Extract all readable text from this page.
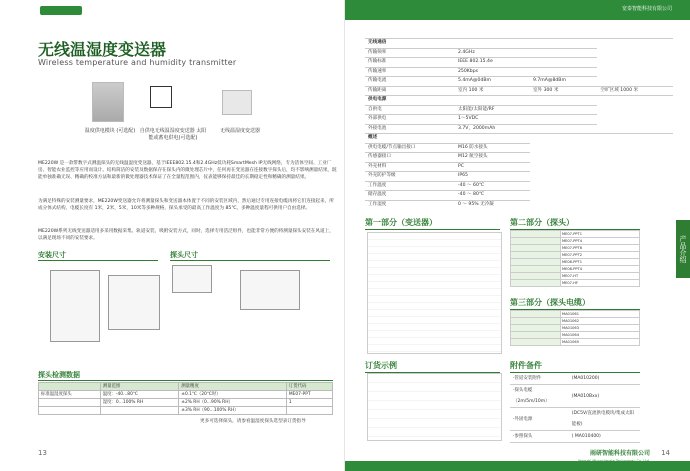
无线温湿度变送器
Wireless temperature and humidity transmitter
温度供电模块 (可选配) 自供电无线温湿度变送器 太阳能或蓄电供电(可选配)
无线温湿度变送器
ME220W 是一款带数字式测温探头的无线温湿度变送器，基于IEEE802.15.4和2.4GHz低功耗SmartMesh IP无线网络，专为活体空间、工业厂房、智能农业监控等应用而设计。结构简洁的安装及数据保存在探头内的微处理芯片中，任何再在变送器在连接数字探头后，均不影响测量结果，既能单独准确无误、精确的校准方法和最新的微处理器技术保证了在全量程范围内，仪表能够保持最佳的长期稳定性和精确的测量结果。
为满足特殊的安装测量要求，ME220W变送器允许将测量探头和变送器本体置于不同的安装区域内，然后通过专用连接电缆再将它们连接起来，所成分体式结构，电缆长度有 1米，2米，5米，10米等多种规格，探头承受的最高工作温度为 85℃，多种温度量程可供用户自由选择。
ME220W系列无线变送器适用多采用数据采集、轨道安装、吸附安装方式，同时，选择专用活泛组件，也能非常方便的将测量探头安装在风道上，以满足现场不同的安装要求。
安装尺寸	探头尺寸
探头检测数据
	测量范围	测量精度	订货代码
标准温湿度探头	温度：-40...80℃	±0.1℃（20℃时）	ME07-PPT
	湿度：0...100% RH	±2% RH（0...90% RH）	1
		±3% RH（90...100% RH）	
更多可选择探头，请参看温湿度探头选型表订货指导
13
宽泰智能科技有限公司
无线通信			
传输频率	2.4GHz		
传输标准	IEEE 802.15.4e		
传输速率	250Kbps		
传输电流	5.4mA@0dBm	9.7mA@8dBm	
传输距离	室内 100 米	室外 300 米	空旷区域 1000 米
供电电源			
自供电	太阳能/太阳能/RF		
外部供电	1～5VDC		
外接电池	3.7V，2000mAh		
概述			
供电电缆/节点输出接口	M16 防水接头		
传感器接口	M12 航空接头		
外壳材料	PC		
外壳防护等级	IP65		
工作温度	-40 ～ 60℃		
储存温度	-40 ～ 80℃		
工作湿度	0 ～ 95% 无冷凝		
第一部分（变送器）	第二部分（探头）
第三部分（探头电缆）
订货示例	附件备件
	ME07-PPT1
	ME07-PPT4
	ME07-PPT6
	ME07-PPT2
	ME08-PPT1
	ME08-PPT4
	ME07-HT
	ME07-HF
	MA01061
	MA01062
	MA01063
	MA01064
	MA01065
·管道安装附件	(MA010200)
·探头电缆（2m/5m/10m）	(MA010Bxx)
·外固电源	(DC5V/直流供电模块/集成太阳能板)
·参照探头	( MA010400)
产品介绍
14
雨研智能科技有限公司
